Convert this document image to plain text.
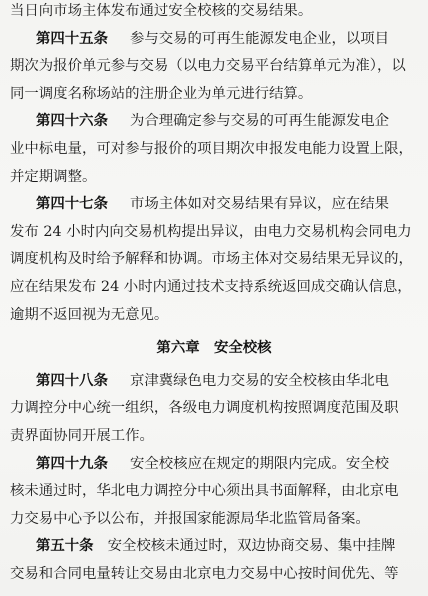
当日向市场主体发布通过安全校核的交易结果。
第四十五条 参与交易的可再生能源发电企业，以项目
期次为报价单元参与交易（以电力交易平台结算单元为准），以
同一调度名称场站的注册企业为单元进行结算。
第四十六条 为合理确定参与交易的可再生能源发电企
业中标电量，可对参与报价的项目期次申报发电能力设置上限，
并定期调整。
第四十七条 市场主体如对交易结果有异议，应在结果
发布 24 小时内向交易机构提出异议，由电力交易机构会同电力
调度机构及时给予解释和协调。市场主体对交易结果无异议的，
应在结果发布 24 小时内通过技术支持系统返回成交确认信息，
逾期不返回视为无意见。
第六章　安全校核
第四十八条 京津冀绿色电力交易的安全校核由华北电
力调控分中心统一组织，各级电力调度机构按照调度范围及职
责界面协同开展工作。
第四十九条 安全校核应在规定的期限内完成。安全校
核未通过时，华北电力调控分中心须出具书面解释，由北京电
力交易中心予以公布，并报国家能源局华北监管局备案。
第五十条 安全校核未通过时，双边协商交易、集中挂牌
交易和合同电量转让交易由北京电力交易中心按时间优先、等
